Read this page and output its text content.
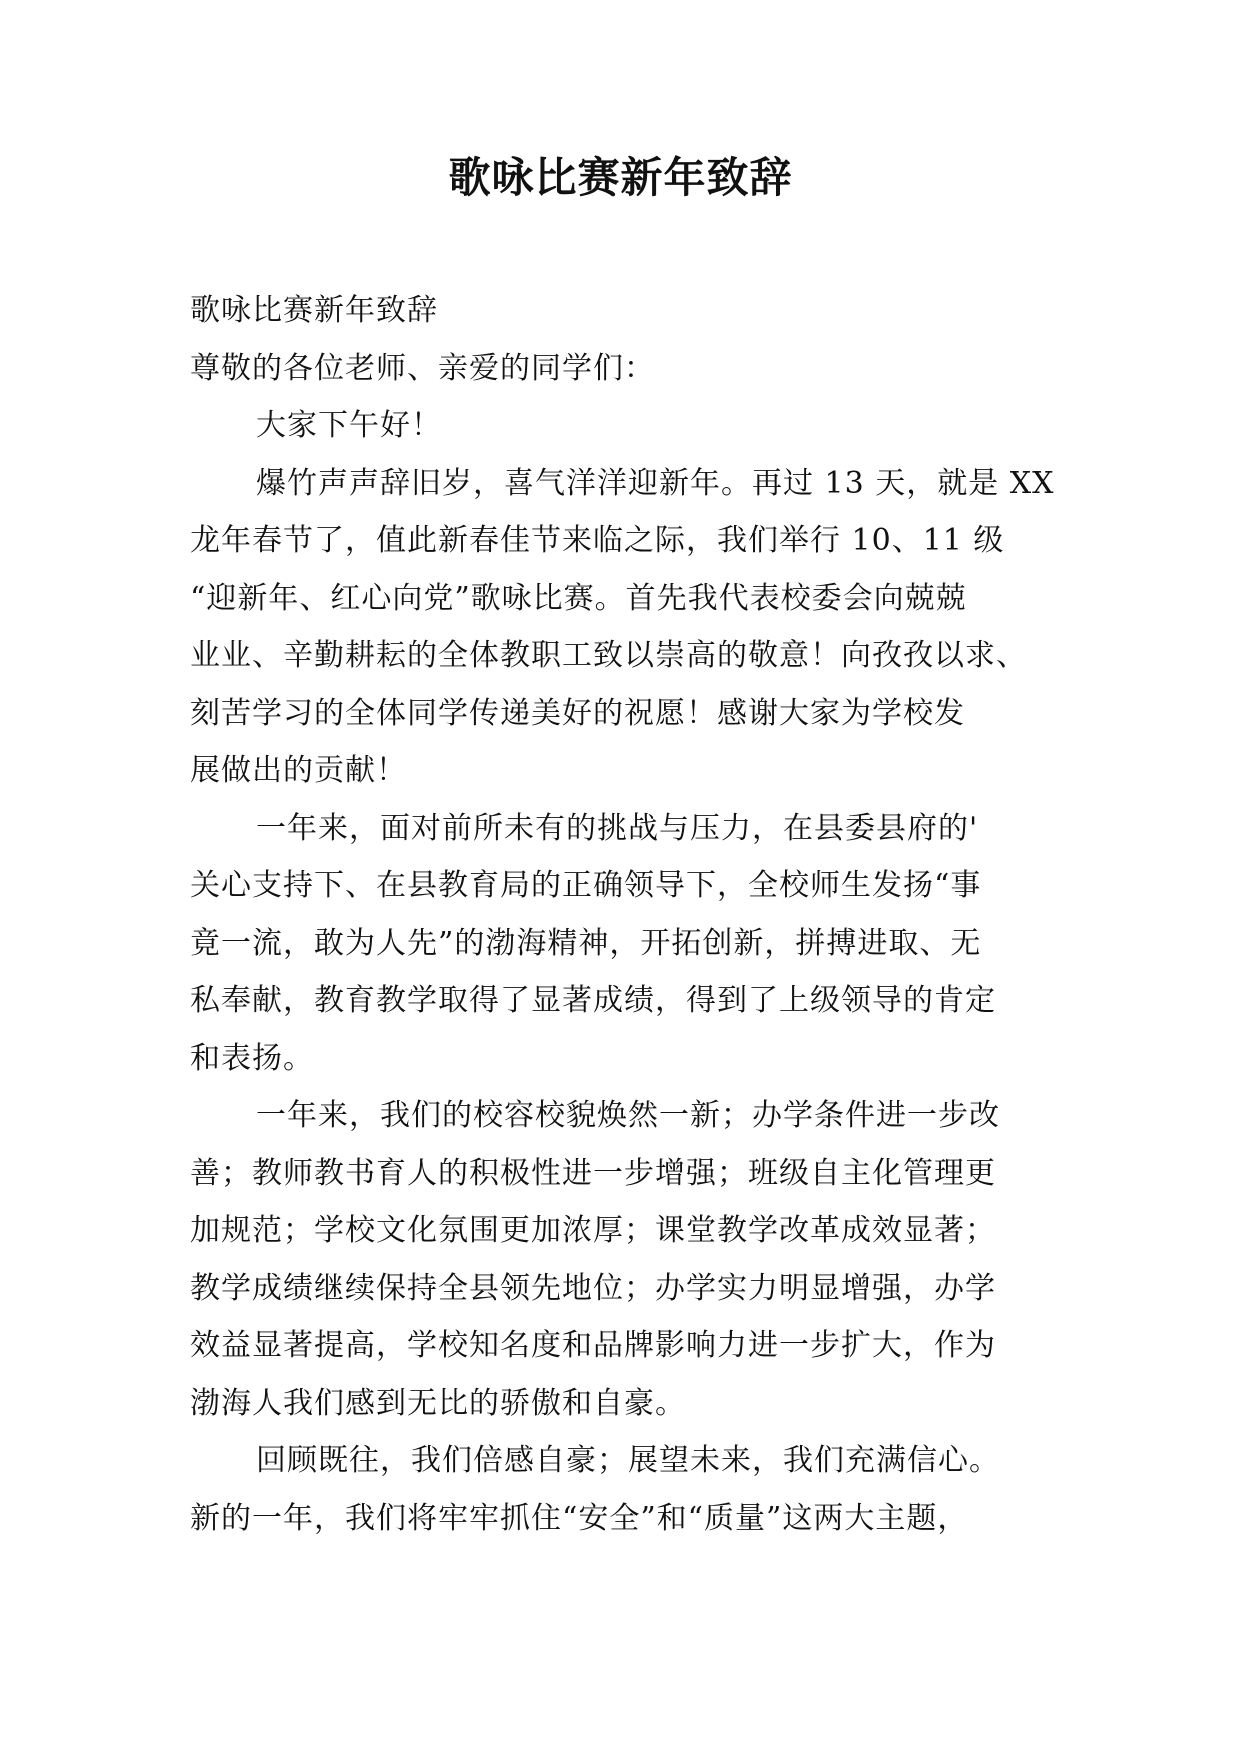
歌咏比赛新年致辞
歌咏比赛新年致辞
尊敬的各位老师、亲爱的同学们：
大家下午好！
爆竹声声辞旧岁，喜气洋洋迎新年。再过 13 天，就是 XX
龙年春节了，值此新春佳节来临之际，我们举行 10、11 级
“迎新年、红心向党”歌咏比赛。首先我代表校委会向兢兢
业业、辛勤耕耘的全体教职工致以崇高的敬意！向孜孜以求、
刻苦学习的全体同学传递美好的祝愿！感谢大家为学校发
展做出的贡献！
一年来，面对前所未有的挑战与压力，在县委县府的'
关心支持下、在县教育局的正确领导下，全校师生发扬“事
竟一流，敢为人先”的渤海精神，开拓创新，拼搏进取、无
私奉献，教育教学取得了显著成绩，得到了上级领导的肯定
和表扬。
一年来，我们的校容校貌焕然一新；办学条件进一步改
善；教师教书育人的积极性进一步增强；班级自主化管理更
加规范；学校文化氛围更加浓厚；课堂教学改革成效显著；
教学成绩继续保持全县领先地位；办学实力明显增强，办学
效益显著提高，学校知名度和品牌影响力进一步扩大，作为
渤海人我们感到无比的骄傲和自豪。
回顾既往，我们倍感自豪；展望未来，我们充满信心。
新的一年，我们将牢牢抓住“安全”和“质量”这两大主题，
